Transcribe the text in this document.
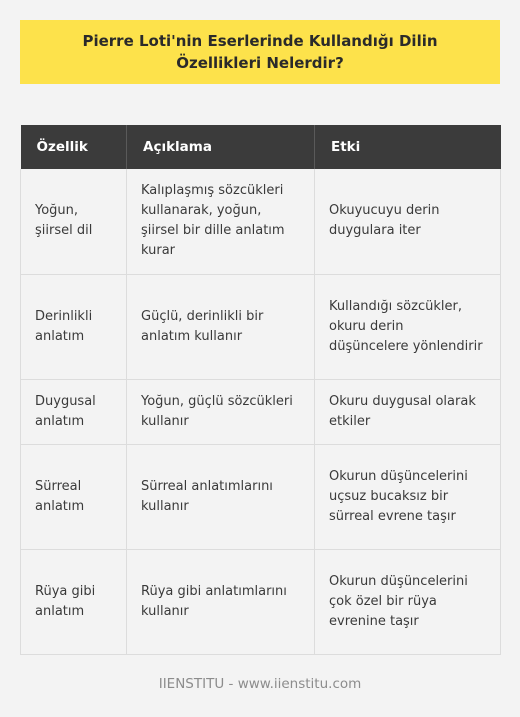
Pierre Loti'nin Eserlerinde Kullandığı Dilin Özellikleri Nelerdir?
Özellik	Açıklama	Etki
Yoğun, şiirsel dil	Kalıplaşmış sözcükleri kullanarak, yoğun, şiirsel bir dille anlatım kurar	Okuyucuyu derin duygulara iter
Derinlikli anlatım	Güçlü, derinlikli bir anlatım kullanır	Kullandığı sözcükler, okuru derin düşüncelere yönlendirir
Duygusal anlatım	Yoğun, güçlü sözcükleri kullanır	Okuru duygusal olarak etkiler
Sürreal anlatım	Sürreal anlatımlarını kullanır	Okurun düşüncelerini uçsuz bucaksız bir sürreal evrene taşır
Rüya gibi anlatım	Rüya gibi anlatımlarını kullanır	Okurun düşüncelerini çok özel bir rüya evrenine taşır
IIENSTITU - www.iienstitu.com
